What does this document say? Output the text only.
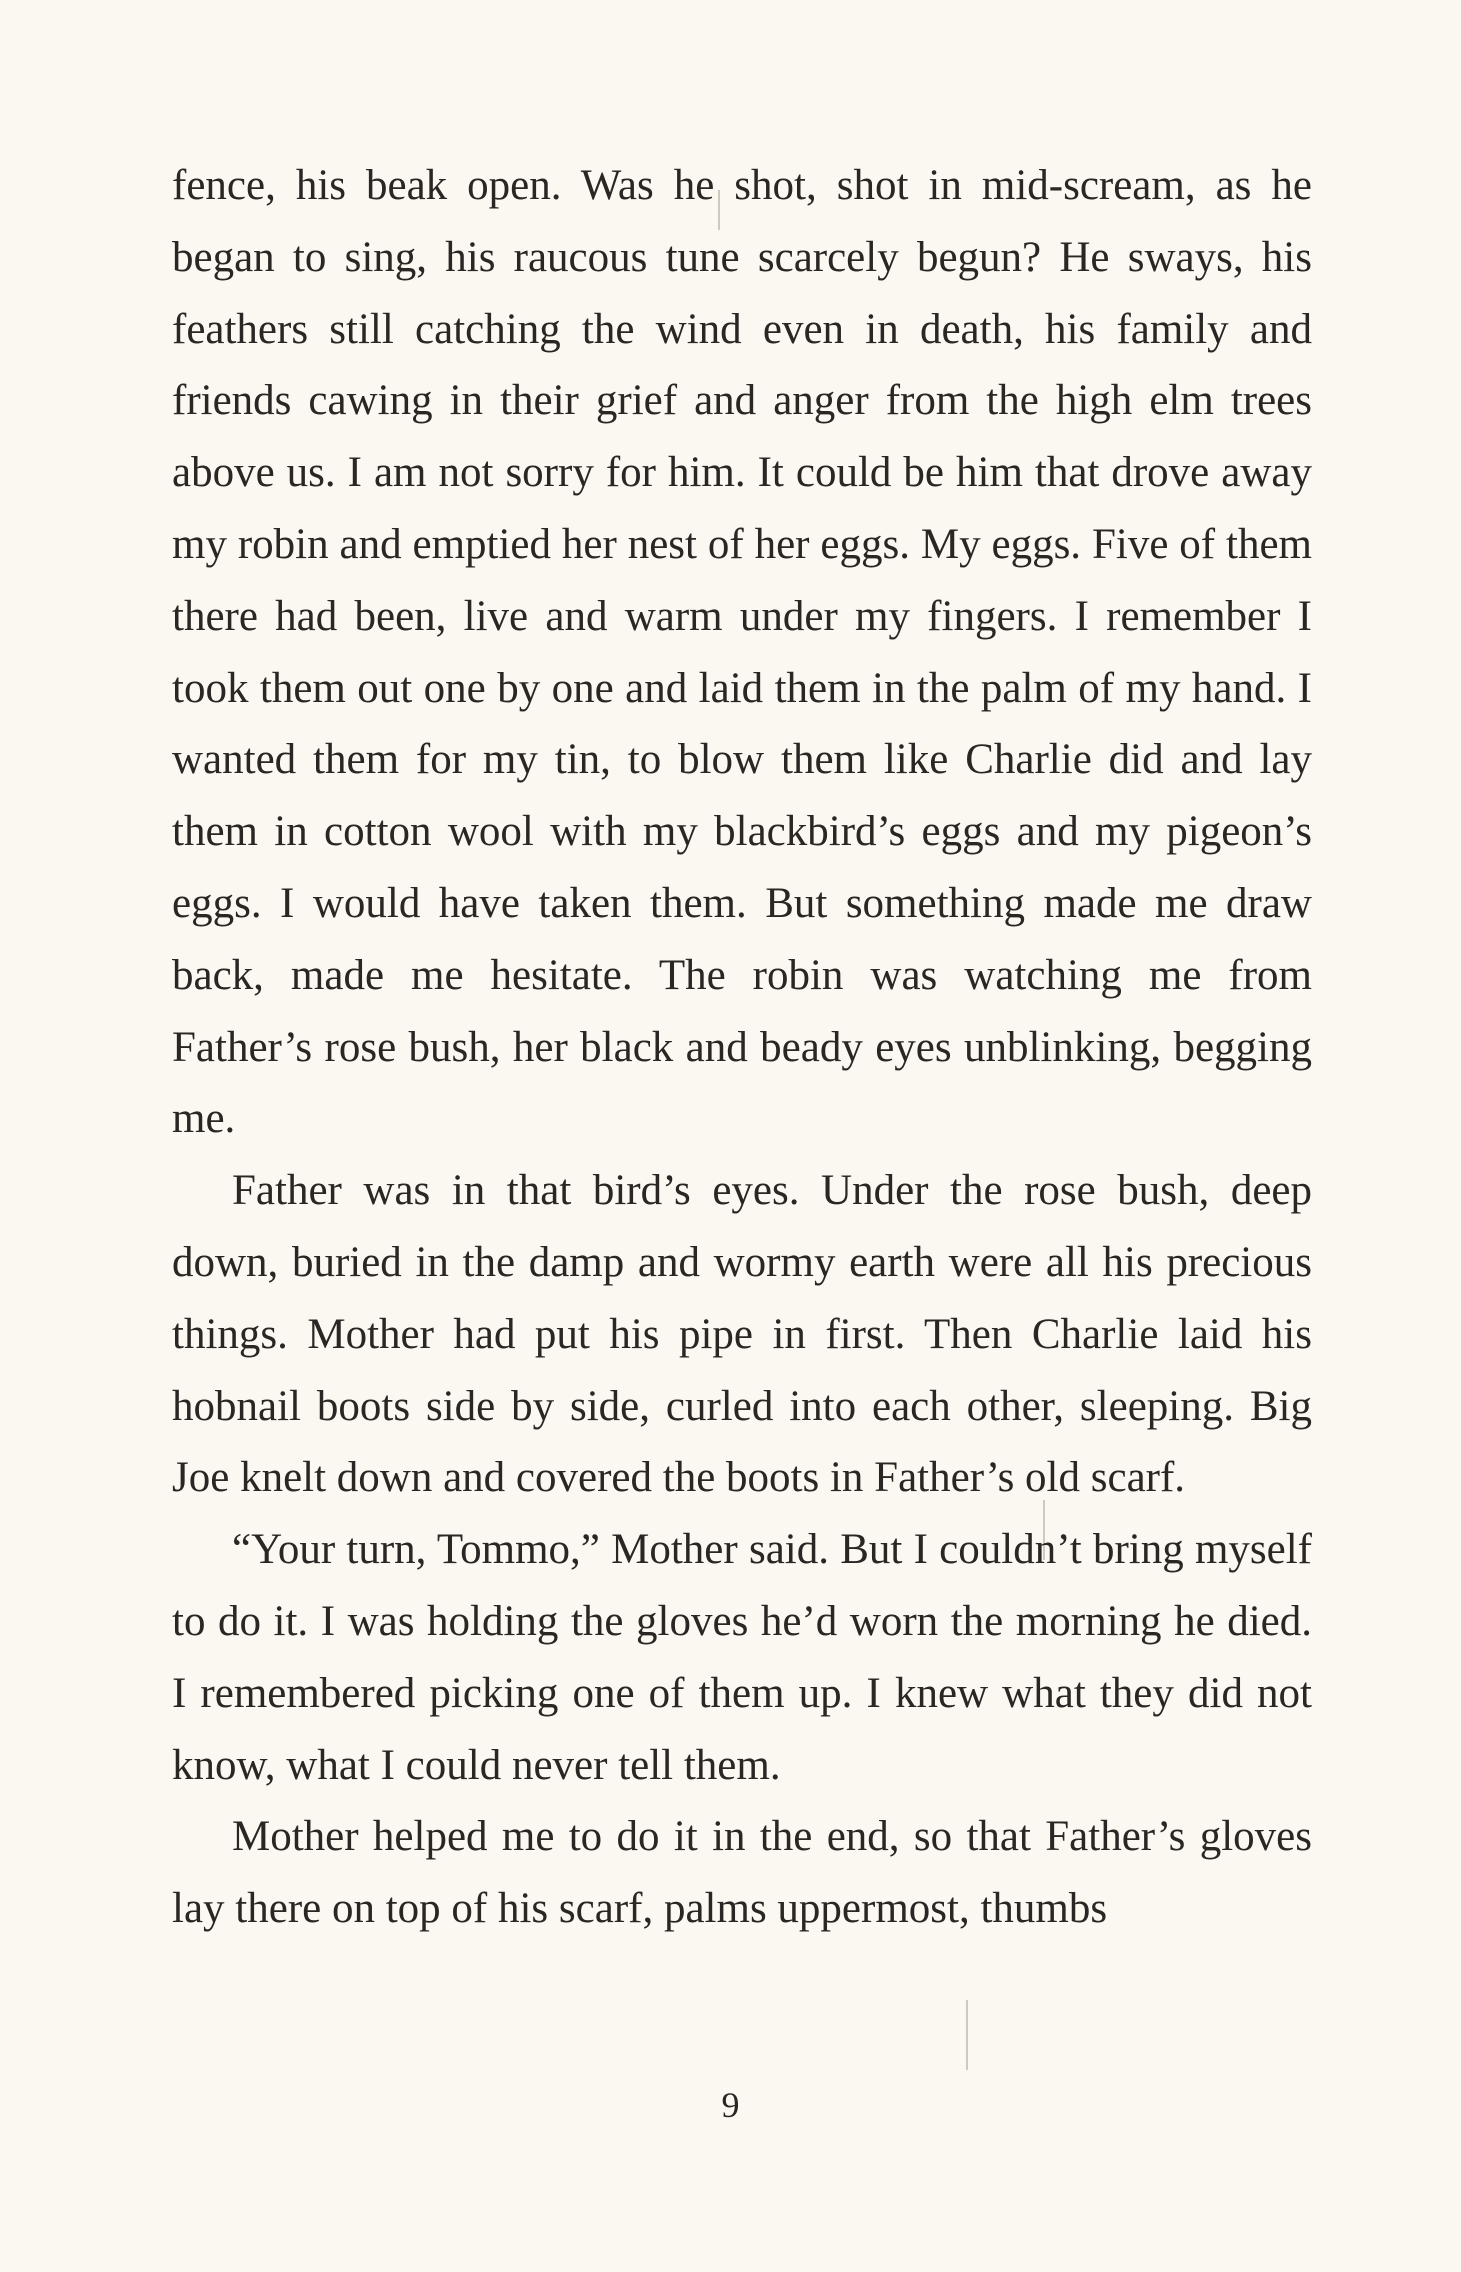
fence, his beak open. Was he shot, shot in mid-scream, as he began to sing, his raucous tune scarcely begun? He sways, his feathers still catching the wind even in death, his family and friends cawing in their grief and anger from the high elm trees above us. I am not sorry for him. It could be him that drove away my robin and emptied her nest of her eggs. My eggs. Five of them there had been, live and warm under my fingers. I remember I took them out one by one and laid them in the palm of my hand. I wanted them for my tin, to blow them like Charlie did and lay them in cotton wool with my blackbird’s eggs and my pigeon’s eggs. I would have taken them. But something made me draw back, made me hesitate. The robin was watching me from Father’s rose bush, her black and beady eyes unblinking, begging me.

Father was in that bird’s eyes. Under the rose bush, deep down, buried in the damp and wormy earth were all his precious things. Mother had put his pipe in first. Then Charlie laid his hobnail boots side by side, curled into each other, sleeping. Big Joe knelt down and covered the boots in Father’s old scarf.

“Your turn, Tommo,” Mother said. But I couldn’t bring myself to do it. I was holding the gloves he’d worn the morning he died. I remembered picking one of them up. I knew what they did not know, what I could never tell them.

Mother helped me to do it in the end, so that Father’s gloves lay there on top of his scarf, palms uppermost, thumbs

9
